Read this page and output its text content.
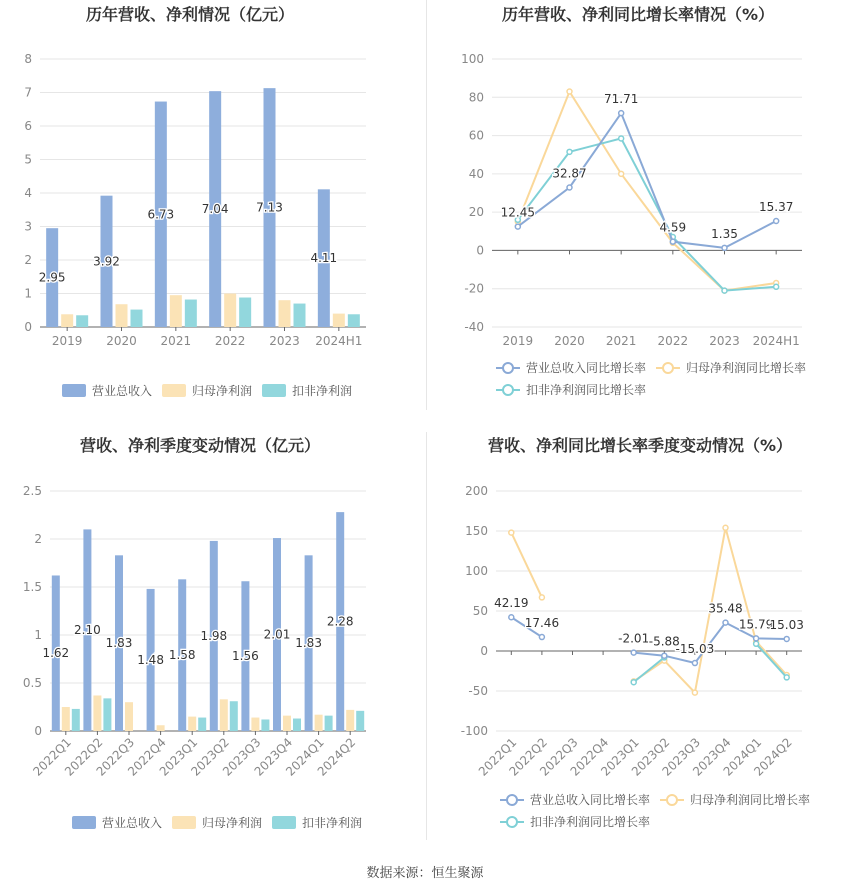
历年营收、净利情况（亿元）
0
1
2
3
4
5
6
7
8
2019 2020 2021 2022 2023 2024H1
2.95
3.92
6.73 7.04 7.13
4.11
营业总收入	归母净利润	扣非净利润
历年营收、净利同比增长率情况（%）
-40
-20
0
20
40
60
80
100
2019 2020 2021 2022 2023 2024H1
12.45
32.87
71.71
4.59 1.35
15.37
营业总收入同比增长率	归母净利润同比增长率
扣非净利润同比增长率
营收、净利季度变动情况（亿元）
0
0.5
1
1.5
2
2.5
2022Q1
2022Q2
2022Q3
2022Q4
2023Q1
2023Q2
2023Q3
2023Q4
2024Q1
2024Q2
1.62
2.10
1.83
1.48 1.58
1.98
1.56
2.01
1.83
2.28
营业总收入	归母净利润	扣非净利润
营收、净利同比增长率季度变动情况（%）
-100
-50
0
50
100
150
200
2022Q1
2022Q2
2022Q3
2022Q4
2023Q1
2023Q2
2023Q3
2023Q4
2024Q1
2024Q2
42.19
17.46
-2.01 -5.88
-15.03
35.48
15.79
15.03
营业总收入同比增长率	归母净利润同比增长率
扣非净利润同比增长率
数据来源：恒生聚源
